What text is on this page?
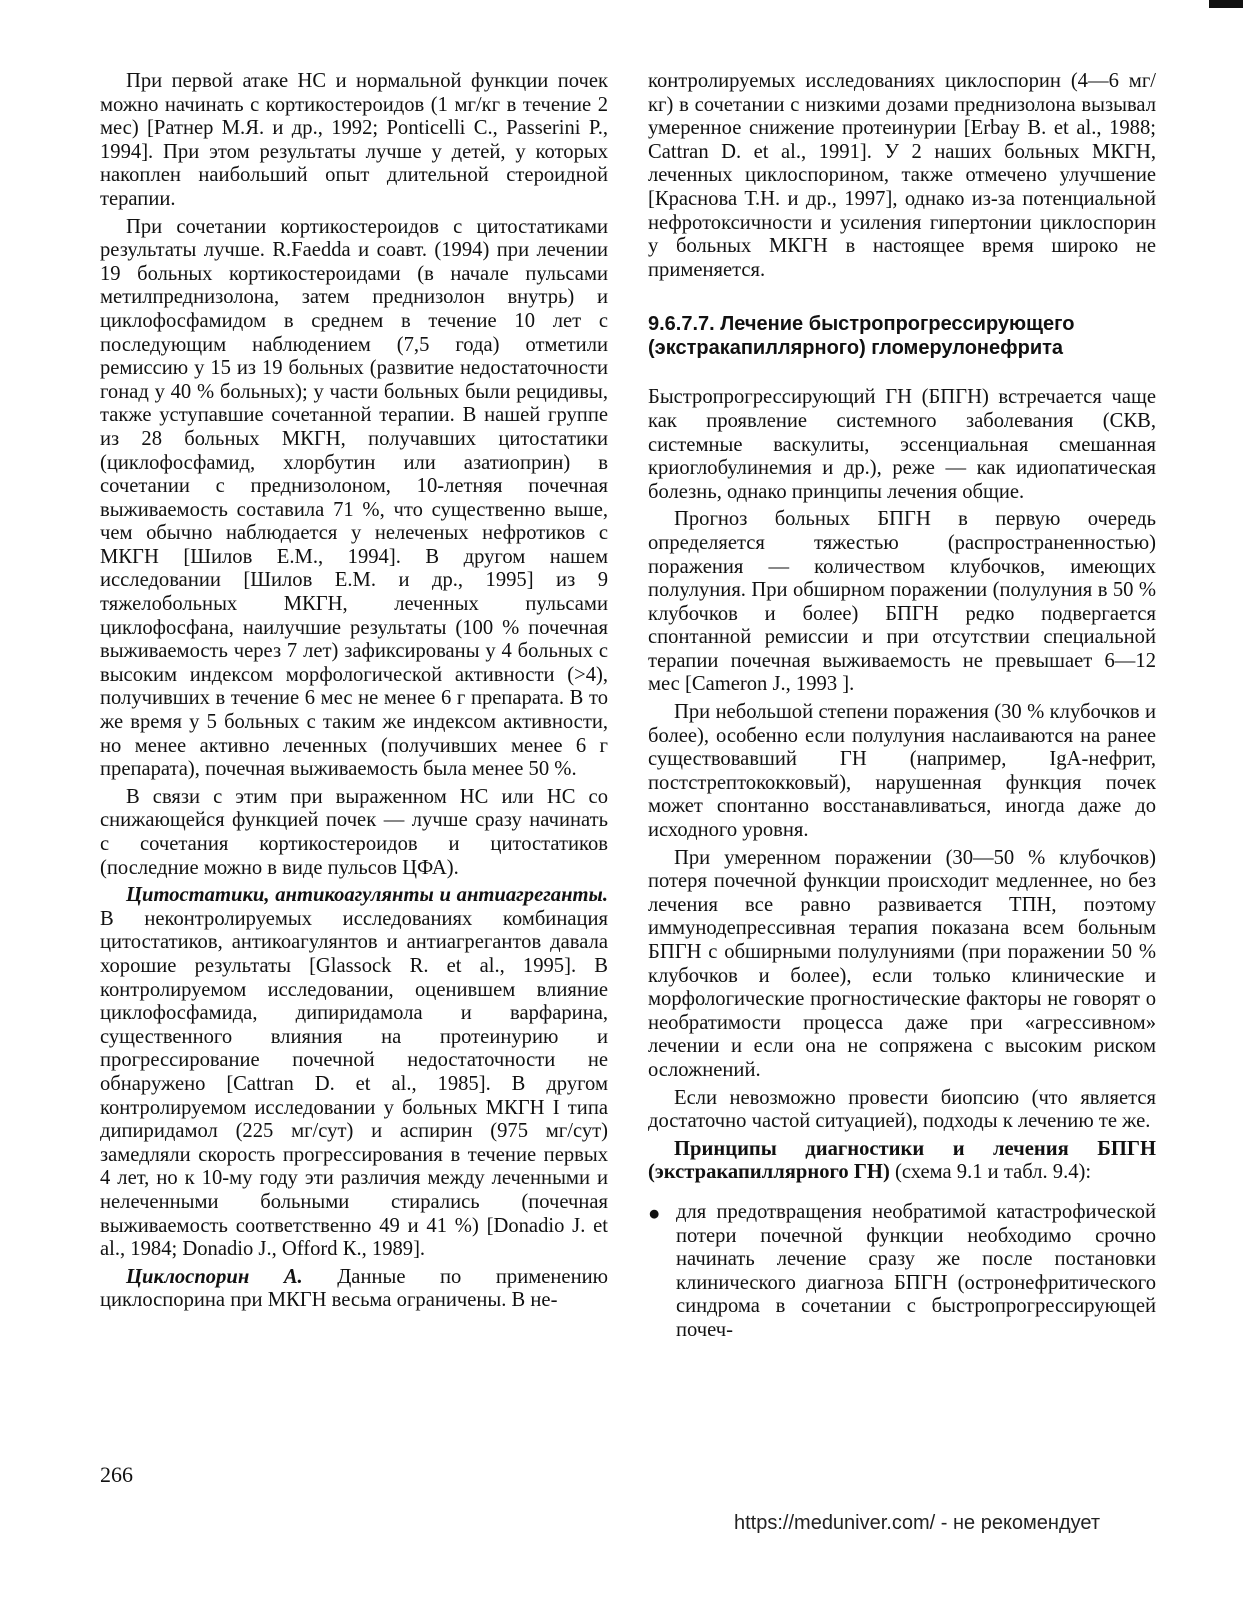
При первой атаке НС и нормальной функции почек можно начинать с кортикостероидов (1 мг/кг в течение 2 мес) [Ратнер М.Я. и др., 1992; Ponticelli С., Passerini Р., 1994]. При этом результаты лучше у детей, у которых накоплен наибольший опыт длительной стероидной терапии.

При сочетании кортикостероидов с цитостатиками результаты лучше. R.Faedda и соавт. (1994) при лечении 19 больных кортикостероидами (в начале пульсами метилпреднизолона, затем преднизолон внутрь) и циклофосфамидом в среднем в течение 10 лет с последующим наблюдением (7,5 года) отметили ремиссию у 15 из 19 больных (развитие недостаточности гонад у 40 % больных); у части больных были рецидивы, также уступавшие сочетанной терапии. В нашей группе из 28 больных МКГН, получавших цитостатики (циклофосфамид, хлорбутин или азатиоприн) в сочетании с преднизолоном, 10-летняя почечная выживаемость составила 71 %, что существенно выше, чем обычно наблюдается у нелеченых нефротиков с МКГН [Шилов Е.М., 1994]. В другом нашем исследовании [Шилов Е.М. и др., 1995] из 9 тяжелобольных МКГН, леченных пульсами циклофосфана, наилучшие результаты (100 % почечная выживаемость через 7 лет) зафиксированы у 4 больных с высоким индексом морфологической активности (>4), получивших в течение 6 мес не менее 6 г препарата. В то же время у 5 больных с таким же индексом активности, но менее активно леченных (получивших менее 6 г препарата), почечная выживаемость была менее 50 %.

В связи с этим при выраженном НС или НС со снижающейся функцией почек — лучше сразу начинать с сочетания кортикостероидов и цитостатиков (последние можно в виде пульсов ЦФА).

Цитостатики, антикоагулянты и антиагреганты. В неконтролируемых исследованиях комбинация цитостатиков, антикоагулянтов и антиагрегантов давала хорошие результаты [Glassock R. et al., 1995]. В контролируемом исследовании, оценившем влияние циклофосфамида, дипиридамола и варфарина, существенного влияния на протеинурию и прогрессирование почечной недостаточности не обнаружено [Cattran D. et al., 1985]. В другом контролируемом исследовании у больных МКГН I типа дипиридамол (225 мг/сут) и аспирин (975 мг/сут) замедляли скорость прогрессирования в течение первых 4 лет, но к 10-му году эти различия между леченными и нелеченными больными стирались (почечная выживаемость соответственно 49 и 41 %) [Donadio J. et al., 1984; Donadio J., Offord К., 1989].

Циклоспорин А. Данные по применению циклоспорина при МКГН весьма ограничены. В не-

контролируемых исследованиях циклоспорин (4—6 мг/кг) в сочетании с низкими дозами преднизолона вызывал умеренное снижение протеинурии [Erbay В. et al., 1988; Cattran D. et al., 1991]. У 2 наших больных МКГН, леченных циклоспорином, также отмечено улучшение [Краснова Т.Н. и др., 1997], однако из-за потенциальной нефротоксичности и усиления гипертонии циклоспорин у больных МКГН в настоящее время широко не применяется.

9.6.7.7. Лечение быстропрогрессирующего
(экстракапиллярного) гломерулонефрита

Быстропрогрессирующий ГН (БПГН) встречается чаще как проявление системного заболевания (СКВ, системные васкулиты, эссенциальная смешанная криоглобулинемия и др.), реже — как идиопатическая болезнь, однако принципы лечения общие.

Прогноз больных БПГН в первую очередь определяется тяжестью (распространенностью) поражения — количеством клубочков, имеющих полулуния. При обширном поражении (полулуния в 50 % клубочков и более) БПГН редко подвергается спонтанной ремиссии и при отсутствии специальной терапии почечная выживаемость не превышает 6—12 мес [Cameron J., 1993 ].

При небольшой степени поражения (30 % клубочков и более), особенно если полулуния наслаиваются на ранее существовавший ГН (например, IgA-нефрит, постстрептококковый), нарушенная функция почек может спонтанно восстанавливаться, иногда даже до исходного уровня.

При умеренном поражении (30—50 % клубочков) потеря почечной функции происходит медленнее, но без лечения все равно развивается ТПН, поэтому иммунодепрессивная терапия показана всем больным БПГН с обширными полулуниями (при поражении 50 % клубочков и более), если только клинические и морфологические прогностические факторы не говорят о необратимости процесса даже при «агрессивном» лечении и если она не сопряжена с высоким риском осложнений.

Если невозможно провести биопсию (что является достаточно частой ситуацией), подходы к лечению те же.

Принципы диагностики и лечения БПГН (экстракапиллярного ГН) (схема 9.1 и табл. 9.4):

● для предотвращения необратимой катастрофической потери почечной функции необходимо срочно начинать лечение сразу же после постановки клинического диагноза БПГН (остронефритического синдрома в сочетании с быстропрогрессирующей почеч-

266
https://meduniver.com/ - не рекомендует
